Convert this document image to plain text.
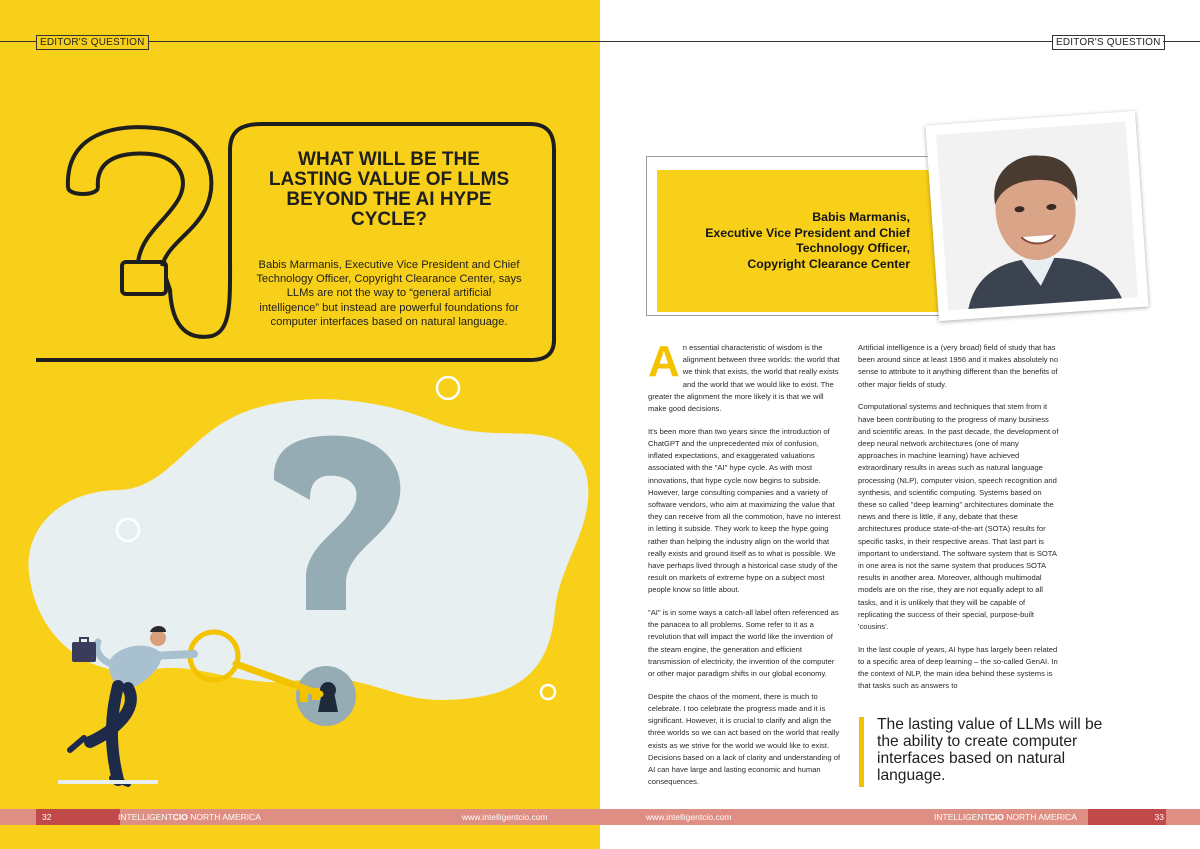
EDITOR'S QUESTION
WHAT WILL BE THE LASTING VALUE OF LLMS BEYOND THE AI HYPE CYCLE?
Babis Marmanis, Executive Vice President and Chief Technology Officer, Copyright Clearance Center, says LLMs are not the way to “general artificial intelligence” but instead are powerful foundations for computer interfaces based on natural language.
32	INTELLIGENTCIO NORTH AMERICA	www.intelligentcio.com
EDITOR'S QUESTION
www.intelligentcio.com	INTELLIGENTCIO NORTH AMERICA	33
Babis Marmanis,
Executive Vice President and Chief Technology Officer,
Copyright Clearance Center

An essential characteristic of wisdom is the alignment between three worlds: the world that we think that exists, the world that really exists and the world that we would like to exist. The greater the alignment the more likely it is that we will make good decisions.

It's been more than two years since the introduction of ChatGPT and the unprecedented mix of confusion, inflated expectations, and exaggerated valuations associated with the "AI" hype cycle. As with most innovations, that hype cycle now begins to subside. However, large consulting companies and a variety of software vendors, who aim at maximizing the value that they can receive from all the commotion, have no interest in letting it subside. They work to keep the hype going rather than helping the industry align on the world that really exists and ground itself as to what is possible. We have perhaps lived through a historical case study of the result on markets of extreme hype on a subject most people know so little about.

"AI" is in some ways a catch-all label often referenced as the panacea to all problems. Some refer to it as a revolution that will impact the world like the invention of the steam engine, the generation and efficient transmission of electricity, the invention of the computer or other major paradigm shifts in our global economy.

Despite the chaos of the moment, there is much to celebrate. I too celebrate the progress made and it is significant. However, it is crucial to clarify and align the three worlds so we can act based on the world that really exists as we strive for the world we would like to exist. Decisions based on a lack of clarity and understanding of AI can have large and lasting economic and human consequences.

Artificial intelligence is a (very broad) field of study that has been around since at least 1956 and it makes absolutely no sense to attribute to it anything different than the benefits of other major fields of study.

Computational systems and techniques that stem from it have been contributing to the progress of many business and scientific areas. In the past decade, the development of deep neural network architectures (one of many approaches in machine learning) have achieved extraordinary results in areas such as natural language processing (NLP), computer vision, speech recognition and synthesis, and scientific computing. Systems based on these so called "deep learning" architectures dominate the news and there is little, if any, debate that these architectures produce state-of-the-art (SOTA) results for specific tasks, in their respective areas. That last part is important to understand. The software system that is SOTA in one area is not the same system that produces SOTA results in another area. Moreover, although multimodal models are on the rise, they are not equally adept to all tasks, and it is unlikely that they will be capable of replicating the success of their special, purpose-built 'cousins'.

In the last couple of years, AI hype has largely been related to a specific area of deep learning – the so-called GenAI. In the context of NLP, the main idea behind these systems is that tasks such as answers to

The lasting value of LLMs will be the ability to create computer interfaces based on natural language.
